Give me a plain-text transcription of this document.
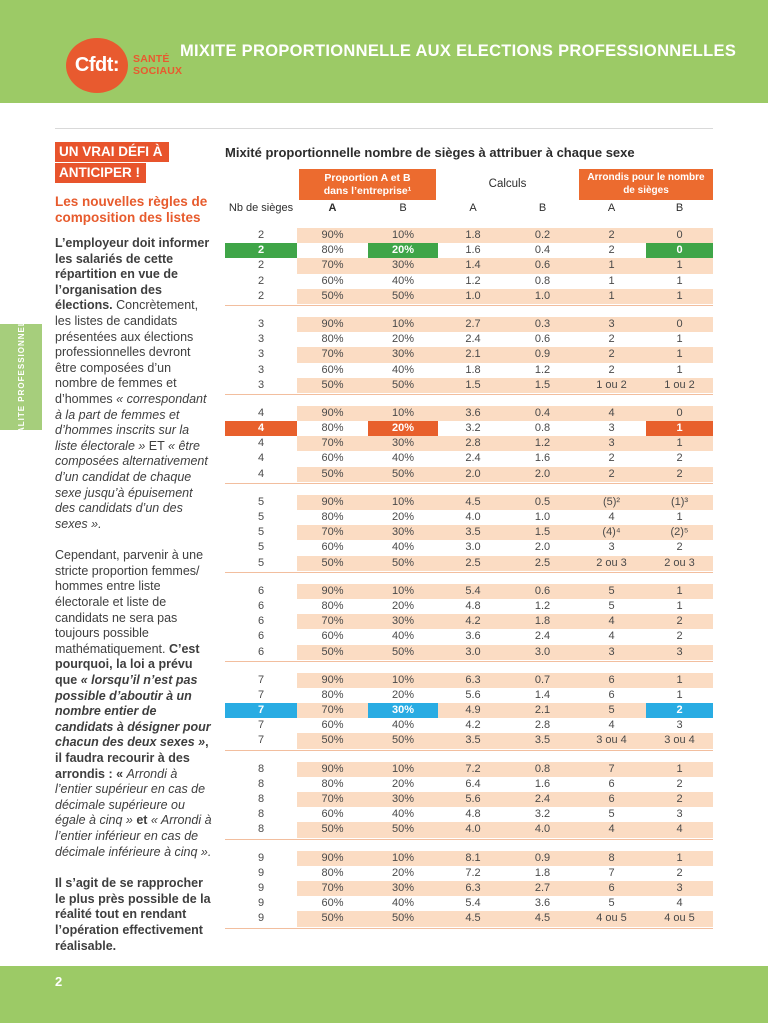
Cfdt: SANTÉ
SOCIAUX
MIXITE PROPORTIONNELLE AUX ELECTIONS PROFESSIONNELLES
EGALITE PROFESSIONNELLE
UN VRAI DÉFI À
ANTICIPER !
Les nouvelles règles de composition des listes

L’employeur doit informer les salariés de cette répartition en vue de l’organisation des élections. Concrètement, les listes de candidats présentées aux élections professionnelles devront être composées d’un nombre de femmes et d’hommes « correspondant à la part de femmes et d’hommes inscrits sur la liste électorale » ET « être composées alternativement d’un candidat de chaque sexe jusqu’à épuisement des candidats d’un des sexes ».

Cependant, parvenir à une stricte proportion femmes/ hommes entre liste électorale et liste de candidats ne sera pas toujours possible mathématiquement. C’est pourquoi, la loi a prévu que « lorsqu’il n’est pas possible d’aboutir à un nombre entier de candidats à désigner pour chacun des deux sexes », il faudra recourir à des arrondis : « Arrondi à l’entier supérieur en cas de décimale supérieure ou égale à cinq » et « Arrondi à l’entier inférieur en cas de décimale inférieure à cinq ».

Il s’agit de se rapprocher le plus près possible de la réalité tout en rendant l’opération effectivement réalisable.

Mixité proportionnelle nombre de sièges à attribuer à chaque sexe
Proportion A et B
dans l’entreprise¹
Calculs
Arrondis pour le nombre de sièges
Nb de sièges	A	B	A	B	A	B
2	90%	10%	1.8	0.2	2	0
2	80%	20%	1.6	0.4	2	0
2	70%	30%	1.4	0.6	1	1
2	60%	40%	1.2	0.8	1	1
2	50%	50%	1.0	1.0	1	1
3	90%	10%	2.7	0.3	3	0
3	80%	20%	2.4	0.6	2	1
3	70%	30%	2.1	0.9	2	1
3	60%	40%	1.8	1.2	2	1
3	50%	50%	1.5	1.5	1 ou 2	1 ou 2
4	90%	10%	3.6	0.4	4	0
4	80%	20%	3.2	0.8	3	1
4	70%	30%	2.8	1.2	3	1
4	60%	40%	2.4	1.6	2	2
4	50%	50%	2.0	2.0	2	2
5	90%	10%	4.5	0.5	(5)²	(1)³
5	80%	20%	4.0	1.0	4	1
5	70%	30%	3.5	1.5	(4)⁴	(2)⁵
5	60%	40%	3.0	2.0	3	2
5	50%	50%	2.5	2.5	2 ou 3	2 ou 3
6	90%	10%	5.4	0.6	5	1
6	80%	20%	4.8	1.2	5	1
6	70%	30%	4.2	1.8	4	2
6	60%	40%	3.6	2.4	4	2
6	50%	50%	3.0	3.0	3	3
7	90%	10%	6.3	0.7	6	1
7	80%	20%	5.6	1.4	6	1
7	70%	30%	4.9	2.1	5	2
7	60%	40%	4.2	2.8	4	3
7	50%	50%	3.5	3.5	3 ou 4	3 ou 4
8	90%	10%	7.2	0.8	7	1
8	80%	20%	6.4	1.6	6	2
8	70%	30%	5.6	2.4	6	2
8	60%	40%	4.8	3.2	5	3
8	50%	50%	4.0	4.0	4	4
9	90%	10%	8.1	0.9	8	1
9	80%	20%	7.2	1.8	7	2
9	70%	30%	6.3	2.7	6	3
9	60%	40%	5.4	3.6	5	4
9	50%	50%	4.5	4.5	4 ou 5	4 ou 5
2
